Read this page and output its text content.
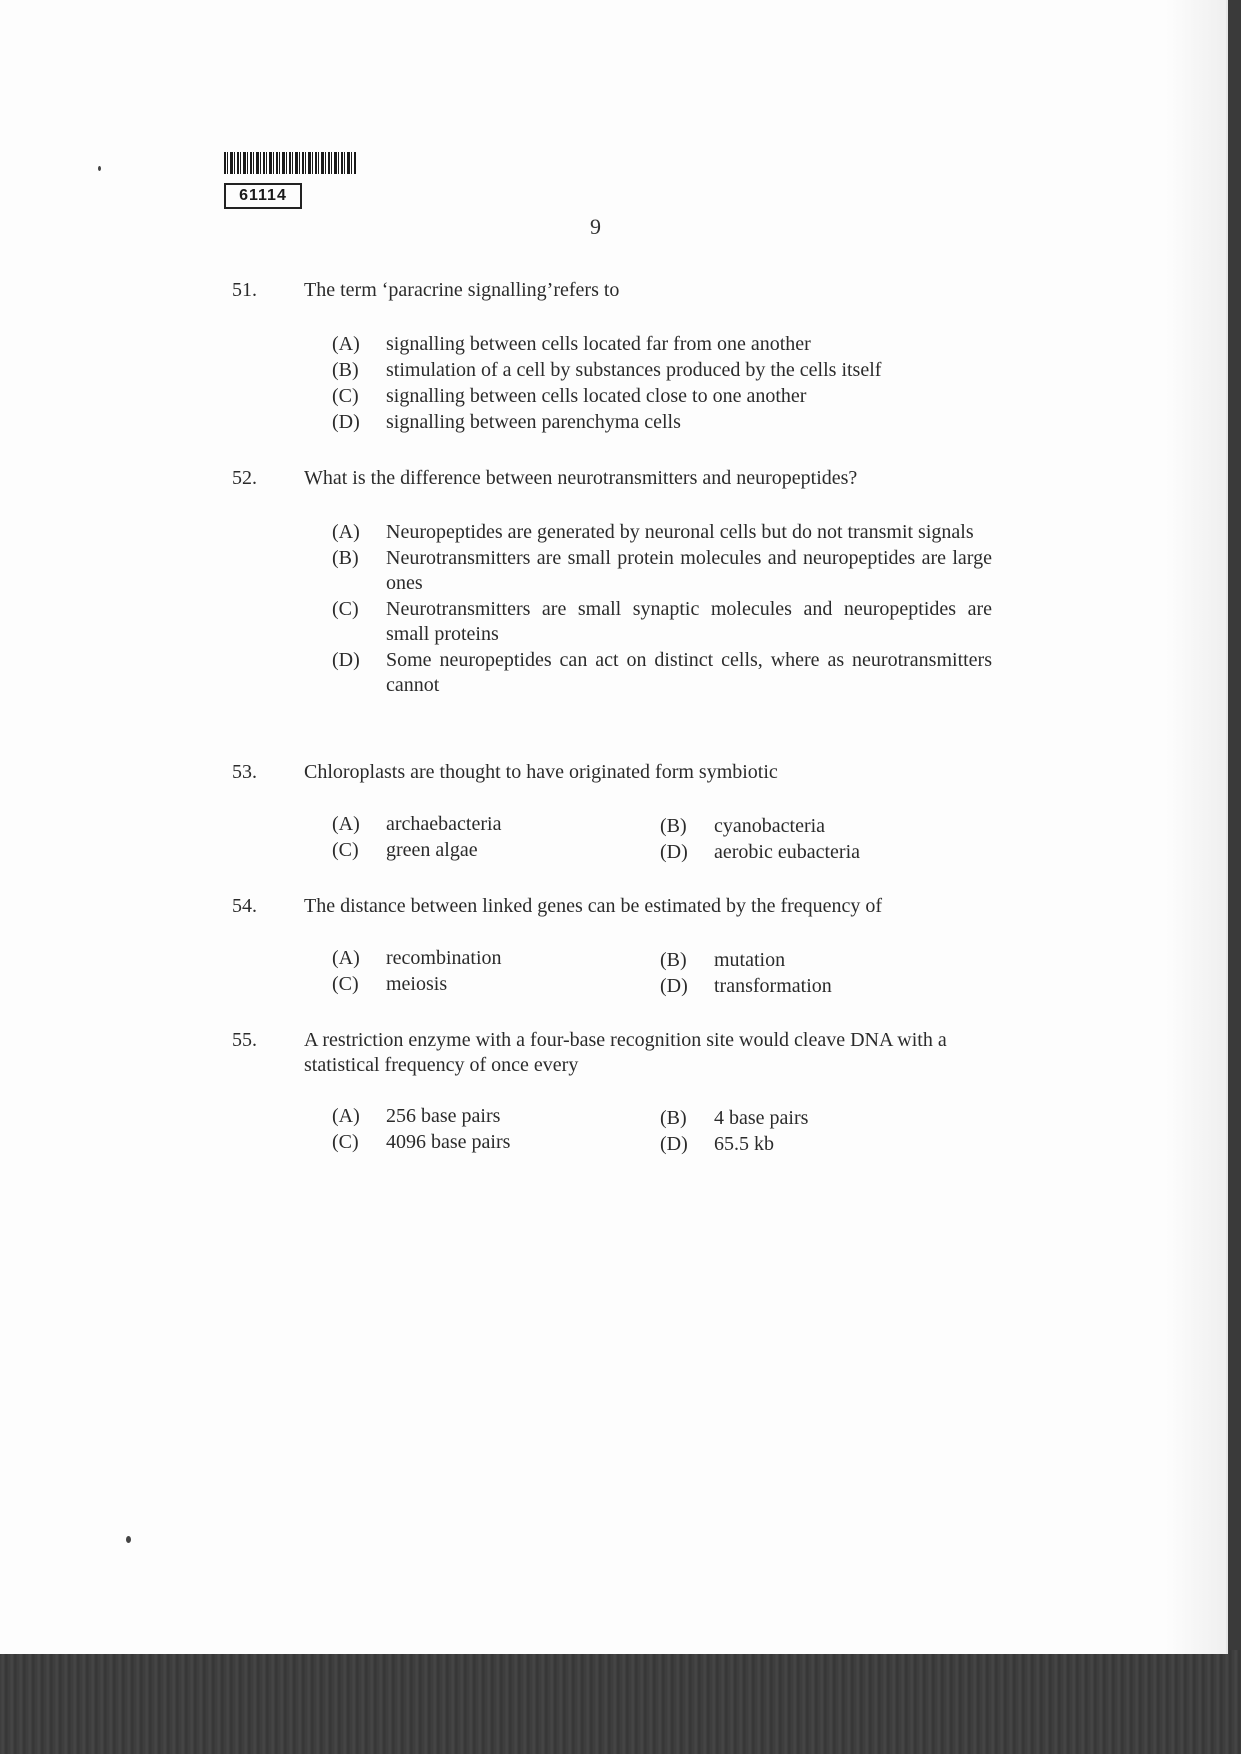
61114
9
51.	The term ‘paracrine signalling’refers to
(A)	signalling between cells located far from one another
(B)	stimulation of a cell by substances produced by the cells itself
(C)	signalling between cells located close to one another
(D)	signalling between parenchyma cells
52.	What is the difference between neurotransmitters and neuropeptides?
(A)	Neuropeptides are generated by neuronal cells but do not transmit signals
(B)	Neurotransmitters are small protein molecules and neuropeptides are large ones
(C)	Neurotransmitters are small synaptic molecules and neuropeptides are small proteins
(D)	Some neuropeptides can act on distinct cells, where as neurotransmitters cannot
53.	Chloroplasts are thought to have originated form symbiotic
(A)	archaebacteria	(B)	cyanobacteria
(C)	green algae	(D)	aerobic eubacteria
54.	The distance between linked genes can be estimated by the frequency of
(A)	recombination	(B)	mutation
(C)	meiosis	(D)	transformation
55.	A restriction enzyme with a four-base recognition site would cleave DNA with a statistical frequency of once every
(A)	256 base pairs	(B)	4 base pairs
(C)	4096 base pairs	(D)	65.5 kb
